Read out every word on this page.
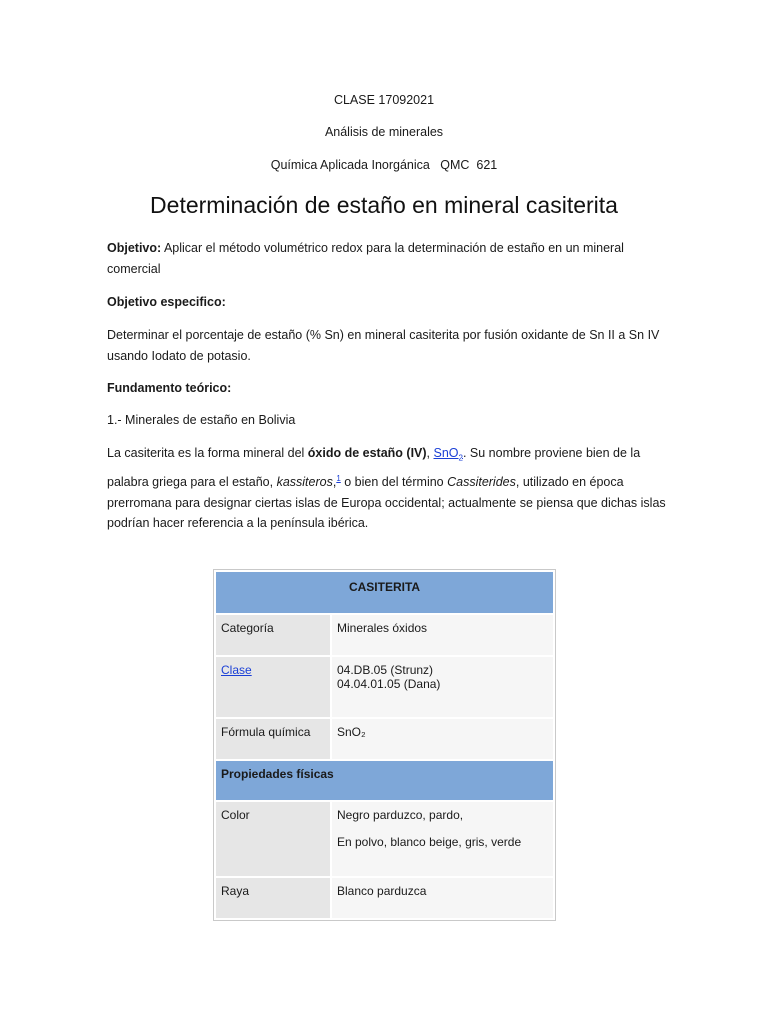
CLASE 17092021
Análisis de minerales
Química Aplicada Inorgánica   QMC  621
Determinación de estaño en mineral casiterita
Objetivo: Aplicar el método volumétrico redox para la determinación de estaño en un mineral comercial
Objetivo especifico:
Determinar el porcentaje de estaño (% Sn) en mineral casiterita por fusión oxidante de Sn II a Sn IV usando Iodato de potasio.
Fundamento teórico:
1.- Minerales de estaño en Bolivia
La casiterita es la forma mineral del óxido de estaño (IV), SnO$_2$. Su nombre proviene bien de la palabra griega para el estaño, kassiteros,$^1$ o bien del término Cassiterides, utilizado en época prerromana para designar ciertas islas de Europa occidental; actualmente se piensa que dichas islas podrían hacer referencia a la península ibérica.
CASITERITA	
Categoría	Minerales óxidos
Clase	04.DB.05 (Strunz)

04.04.01.05 (Dana)

Fórmula química	SnO₂
Propiedades físicas	
Color	Negro parduzco, pardo,

En polvo, blanco beige, gris, verde

Raya	Blanco parduzca
